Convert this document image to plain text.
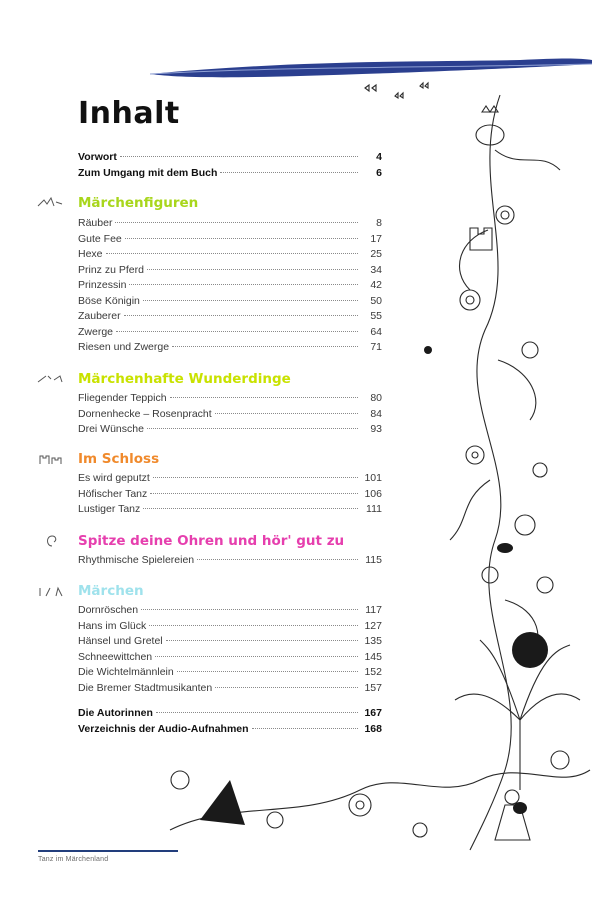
Inhalt
Vorwort	4
Zum Umgang mit dem Buch	6
Märchenfiguren
Räuber	8
Gute Fee	17
Hexe	25
Prinz zu Pferd	34
Prinzessin	42
Böse Königin	50
Zauberer	55
Zwerge	64
Riesen und Zwerge	71
Märchenhafte Wunderdinge
Fliegender Teppich	80
Dornenhecke – Rosenpracht	84
Drei Wünsche	93
Im Schloss
Es wird geputzt	101
Höfischer Tanz	106
Lustiger Tanz	111
Spitze deine Ohren und hör' gut zu
Rhythmische Spielereien	115
Märchen
Dornröschen	117
Hans im Glück	127
Hänsel und Gretel	135
Schneewittchen	145
Die Wichtelmännlein	152
Die Bremer Stadtmusikanten	157
Die Autorinnen	167
Verzeichnis der Audio-Aufnahmen	168
Tanz im Märchenland
